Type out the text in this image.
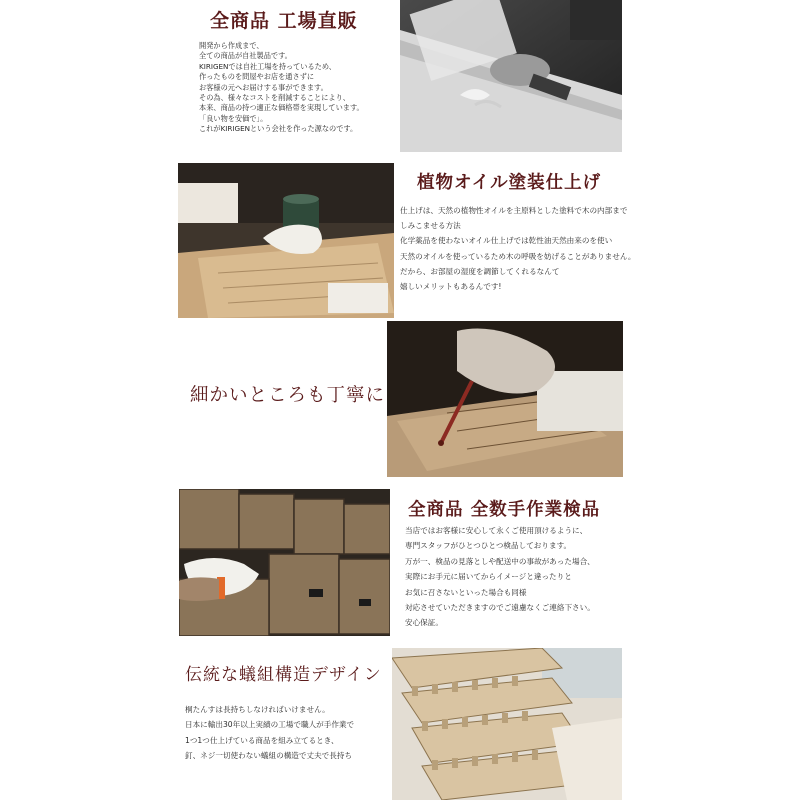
全商品 工場直販
開発から作成まで、
全ての商品が自社製品です。
KIRIGENでは自社工場を持っているため、
作ったものを問屋やお店を通さずに
お客様の元へお届けする事ができます。
その為、様々なコストを削減することにより、
本来、商品の持つ適正な価格帯を実現しています。
「良い物を安価で」。
これがKIRIGENという会社を作った源なのです。
植物オイル塗装仕上げ
仕上げは、天然の植物性オイルを主原料とした塗料で木の内部まで
しみこませる方法
化学薬品を使わないオイル仕上げでは乾性油天然由来のを使い
天然のオイルを使っているため木の呼吸を妨げることがありません。
だから、お部屋の湿度を調節してくれるなんて
嬉しいメリットもあるんです!
細かいところも丁寧に
全商品 全数手作業検品
当店ではお客様に安心して永くご使用頂けるように、
専門スタッフがひとつひとつ検品しております。
万が一、検品の見落としや配送中の事故があった場合、
実際にお手元に届いてからイメージと違ったりと
お気に召さないといった場合も同様
対応させていただきますのでご遠慮なくご連絡下さい。
安心保証。
伝統な蟻組構造デザイン
桐たんすは長持ちしなければいけません。
日本に輸出30年以上実績の工場で職人が手作業で
1つ1つ仕上げている商品を組み立てるとき、
釘、ネジ一切使わない蟻組の構造で丈夫で長持ち
